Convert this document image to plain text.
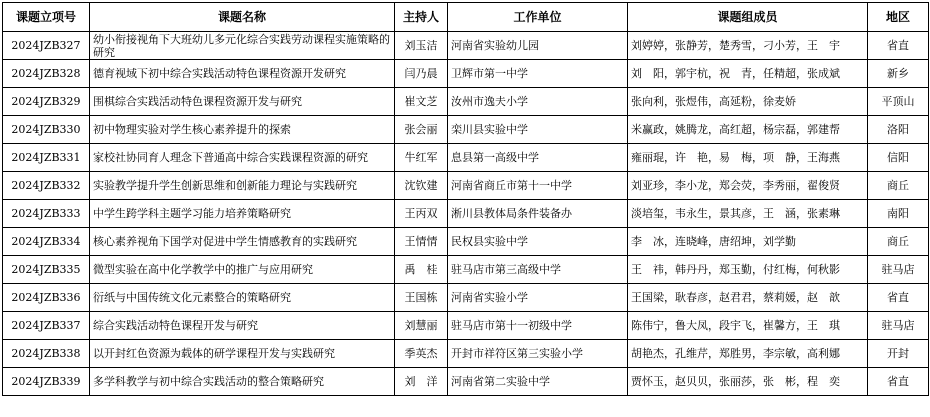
课题立项号	课题名称	主持人	工作单位	课题组成员	地区
2024JZB327	幼小衔接视角下大班幼儿多元化综合实践劳动课程实施策略的研究	刘玉洁	河南省实验幼儿园	刘婷婷，张静芳，楚秀雪，刁小芳，王　宇	省直
2024JZB328	德育视域下初中综合实践活动特色课程资源开发研究	闫乃晨	卫辉市第一中学	刘　阳，郭宇杭，祝　青，任精超，张成斌	新乡
2024JZB329	围棋综合实践活动特色课程资源开发与研究	崔文芝	汝州市逸夫小学	张向利，张煜伟，高延粉，徐麦娇	平顶山
2024JZB330	初中物理实验对学生核心素养提升的探索	张会丽	栾川县实验中学	米赢政，姚腾龙，高红超，杨宗磊，郭建帮	洛阳
2024JZB331	家校社协同育人理念下普通高中综合实践课程资源的研究	牛红军	息县第一高级中学	雍丽琨，许　艳，易　梅，项　静，王海燕	信阳
2024JZB332	实验教学提升学生创新思维和创新能力理论与实践研究	沈钦建	河南省商丘市第十一中学	刘亚珍，李小龙，郑会荧，李秀丽，翟俊贤	商丘
2024JZB333	中学生跨学科主题学习能力培养策略研究	王丙双	淅川县教体局条件装备办	淡培玺，韦永生，景其彦，王　涵，张素琳	南阳
2024JZB334	核心素养视角下国学对促进中学生情感教育的实践研究	王情情	民权县实验中学	李　冰，连晓峰，唐绍坤，刘学勤	商丘
2024JZB335	微型实验在高中化学教学中的推广与应用研究	禹　桂	驻马店市第三高级中学	王　祎，韩丹丹，郑玉勤，付红梅，何秋影	驻马店
2024JZB336	衍纸与中国传统文化元素整合的策略研究	王国栋	河南省实验小学	王国梁，耿春彦，赵君君，蔡莉媛，赵　歆	省直
2024JZB337	综合实践活动特色课程开发与研究	刘慧丽	驻马店市第十一初级中学	陈伟宁，鲁大凤，段宇飞，崔馨方，王　琪	驻马店
2024JZB338	以开封红色资源为载体的研学课程开发与实践研究	季英杰	开封市祥符区第三实验小学	胡艳杰，孔维芹，郑胜男，李宗敏，高利娜	开封
2024JZB339	多学科教学与初中综合实践活动的整合策略研究	刘　洋	河南省第二实验中学	贾怀玉，赵贝贝，张丽莎，张　彬，程　奕	省直
